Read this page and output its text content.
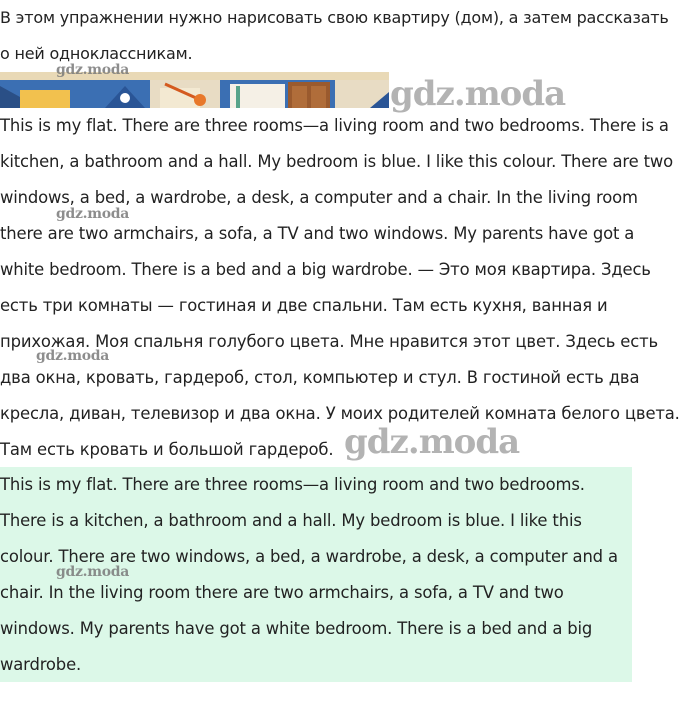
В этом упражнении нужно нарисовать свою квартиру (дом), а затем рассказать о ней одноклассникам.
This is my flat. There are three rooms—a living room and two bedrooms. There is a kitchen, a bathroom and a hall. My bedroom is blue. I like this colour. There are two windows, a bed, a wardrobe, a desk, a computer and a chair. In the living room there are two armchairs, a sofa, a TV and two windows. My parents have got a white bedroom. There is a bed and a big wardrobe. — Это моя квартира. Здесь есть три комнаты — гостиная и две спальни. Там есть кухня, ванная и прихожая. Моя спальня голубого цвета. Мне нравится этот цвет. Здесь есть два окна, кровать, гардероб, стол, компьютер и стул. В гостиной есть два кресла, диван, телевизор и два окна. У моих родителей комната белого цвета. Там есть кровать и большой гардероб.

This is my flat. There are three rooms—a living room and two bedrooms. There is a kitchen, a bathroom and a hall. My bedroom is blue. I like this colour. There are two windows, a bed, a wardrobe, a desk, a computer and a chair. In the living room there are two armchairs, a sofa, a TV and two windows. My parents have got a white bedroom. There is a bed and a big wardrobe.

gdz.moda
gdz.moda
gdz.moda
gdz.moda
gdz.moda
gdz.moda
